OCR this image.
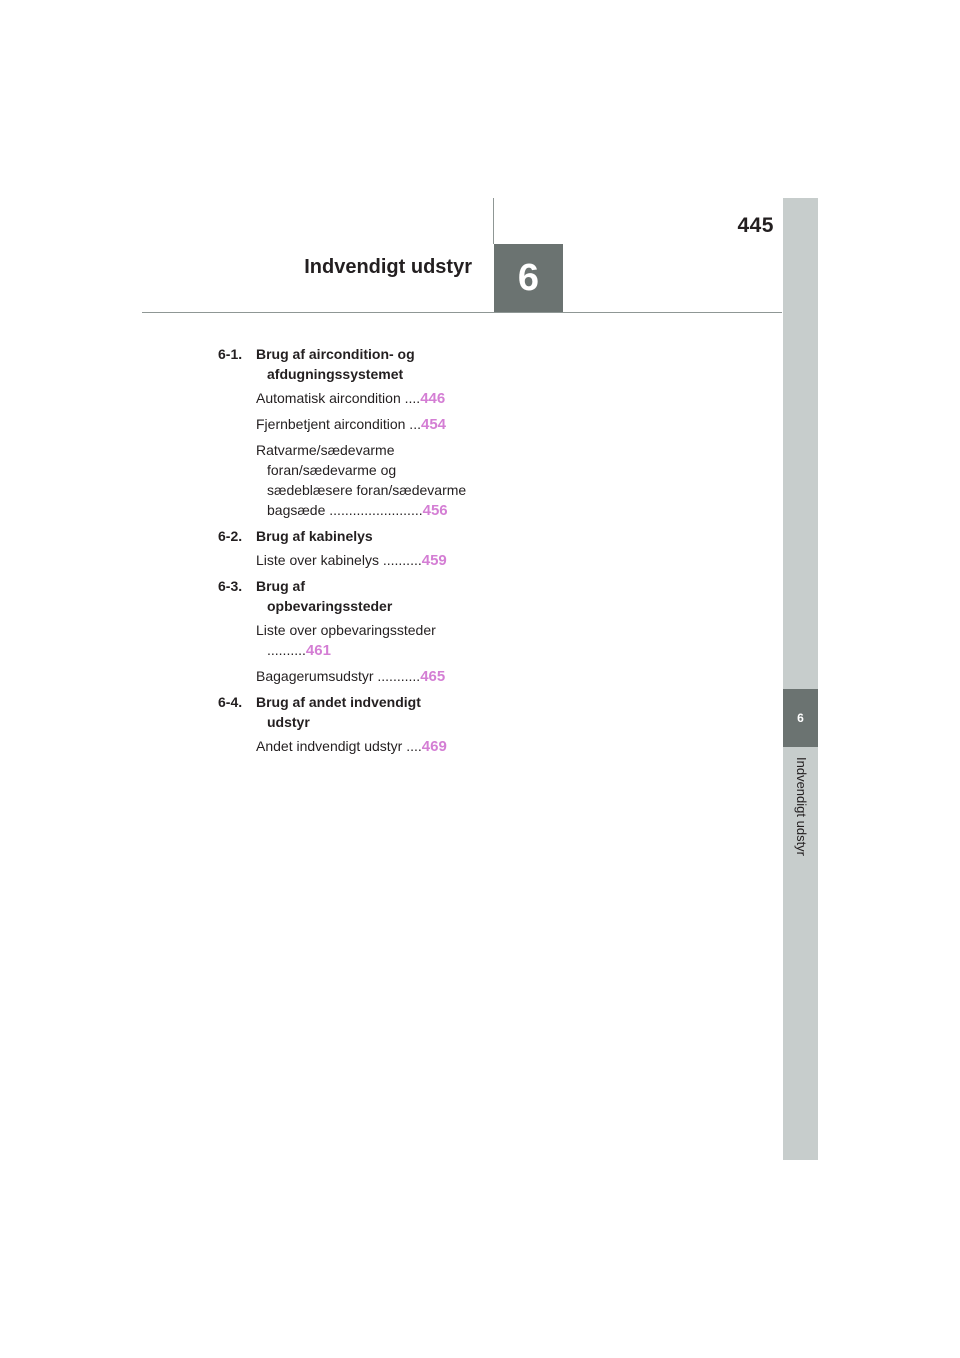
445
Indvendigt udstyr	6
6
Indvendigt udstyr
6-1. Brug af aircondition- og afdugningssystemet
Automatisk aircondition ....446
Fjernbetjent aircondition ...454
Ratvarme/sædevarme foran/sædevarme og sædeblæsere foran/sædevarme bagsæde ........................456
6-2. Brug af kabinelys
Liste over kabinelys ..........459
6-3. Brug af opbevaringssteder
Liste over opbevaringssteder ..........461
Bagagerumsudstyr ...........465
6-4. Brug af andet indvendigt udstyr
Andet indvendigt udstyr ....469
